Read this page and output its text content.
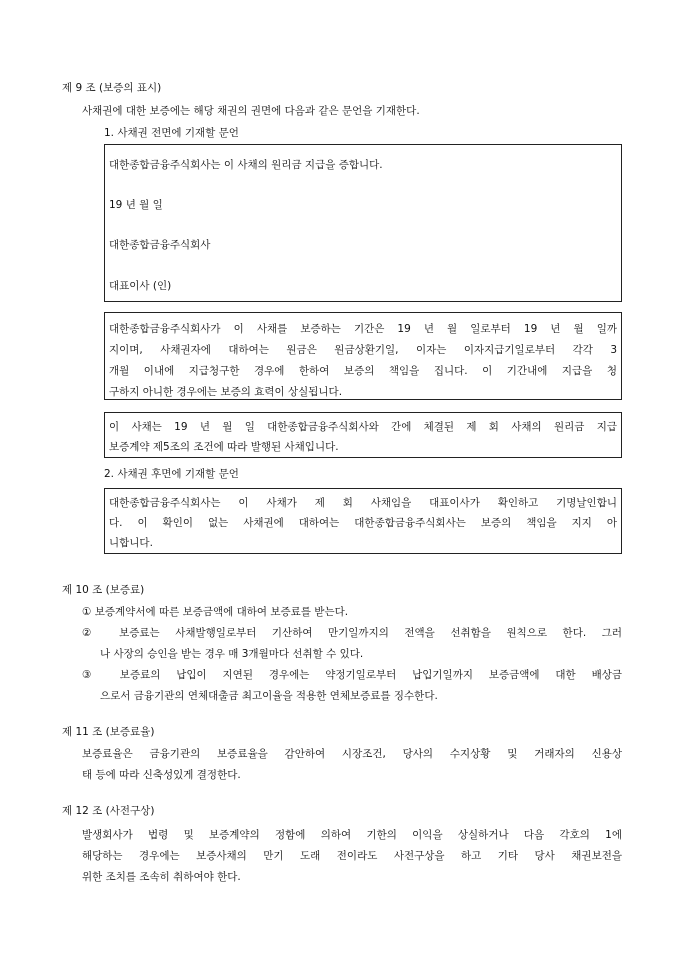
제 9 조 (보증의 표시)
사채권에 대한 보증에는 해당 채권의 권면에 다음과 같은 문언을 기재한다.
1. 사채권 전면에 기재할 문언
대한종합금융주식회사는 이 사채의 원리금 지급을 증합니다.
19 년 월 일
대한종합금융주식회사
대표이사 (인)
대한종합금융주식회사가 이 사채를 보증하는 기간은 19 년 월 일로부터 19 년 월 일까
지이며, 사채권자에 대하여는 원금은 원금상환기일, 이자는 이자지급기일로부터 각각 3
개월 이내에 지급청구한 경우에 한하여 보증의 책임을 집니다. 이 기간내에 지급을 청
구하지 아니한 경우에는 보증의 효력이 상실됩니다.
이 사채는 19 년 월 일 대한종합금융주식회사와 간에 체결된 제 회 사채의 원리금 지급
보증계약 제5조의 조건에 따라 발행된 사채입니다.
2. 사채권 후면에 기재할 문언
대한종합금융주식회사는 이 사채가 제 회 사채임을 대표이사가 확인하고 기명날인합니
다. 이 확인이 없는 사채권에 대하여는 대한종합금융주식회사는 보증의 책임을 지지 아
니합니다.
제 10 조 (보증료)
① 보증계약서에 따른 보증금액에 대하여 보증료를 받는다.
② 보증료는 사채발행일로부터 기산하여 만기일까지의 전액을 선취함을 원칙으로 한다. 그러
나 사장의 승인을 받는 경우 매 3개월마다 선취할 수 있다.
③ 보증료의 납입이 지연된 경우에는 약정기일로부터 납입기일까지 보증금액에 대한 배상금
으로서 금융기관의 연체대출금 최고이율을 적용한 연체보증료를 징수한다.
제 11 조 (보증료율)
보증료율은 금융기관의 보증료율을 감안하여 시장조건, 당사의 수지상황 및 거래자의 신용상
태 등에 따라 신축성있게 결정한다.
제 12 조 (사전구상)
발생회사가 법령 및 보증계약의 정함에 의하여 기한의 이익을 상실하거나 다음 각호의 1에
해당하는 경우에는 보증사채의 만기 도래 전이라도 사전구상을 하고 기타 당사 채권보전을
위한 조치를 조속히 취하여야 한다.
